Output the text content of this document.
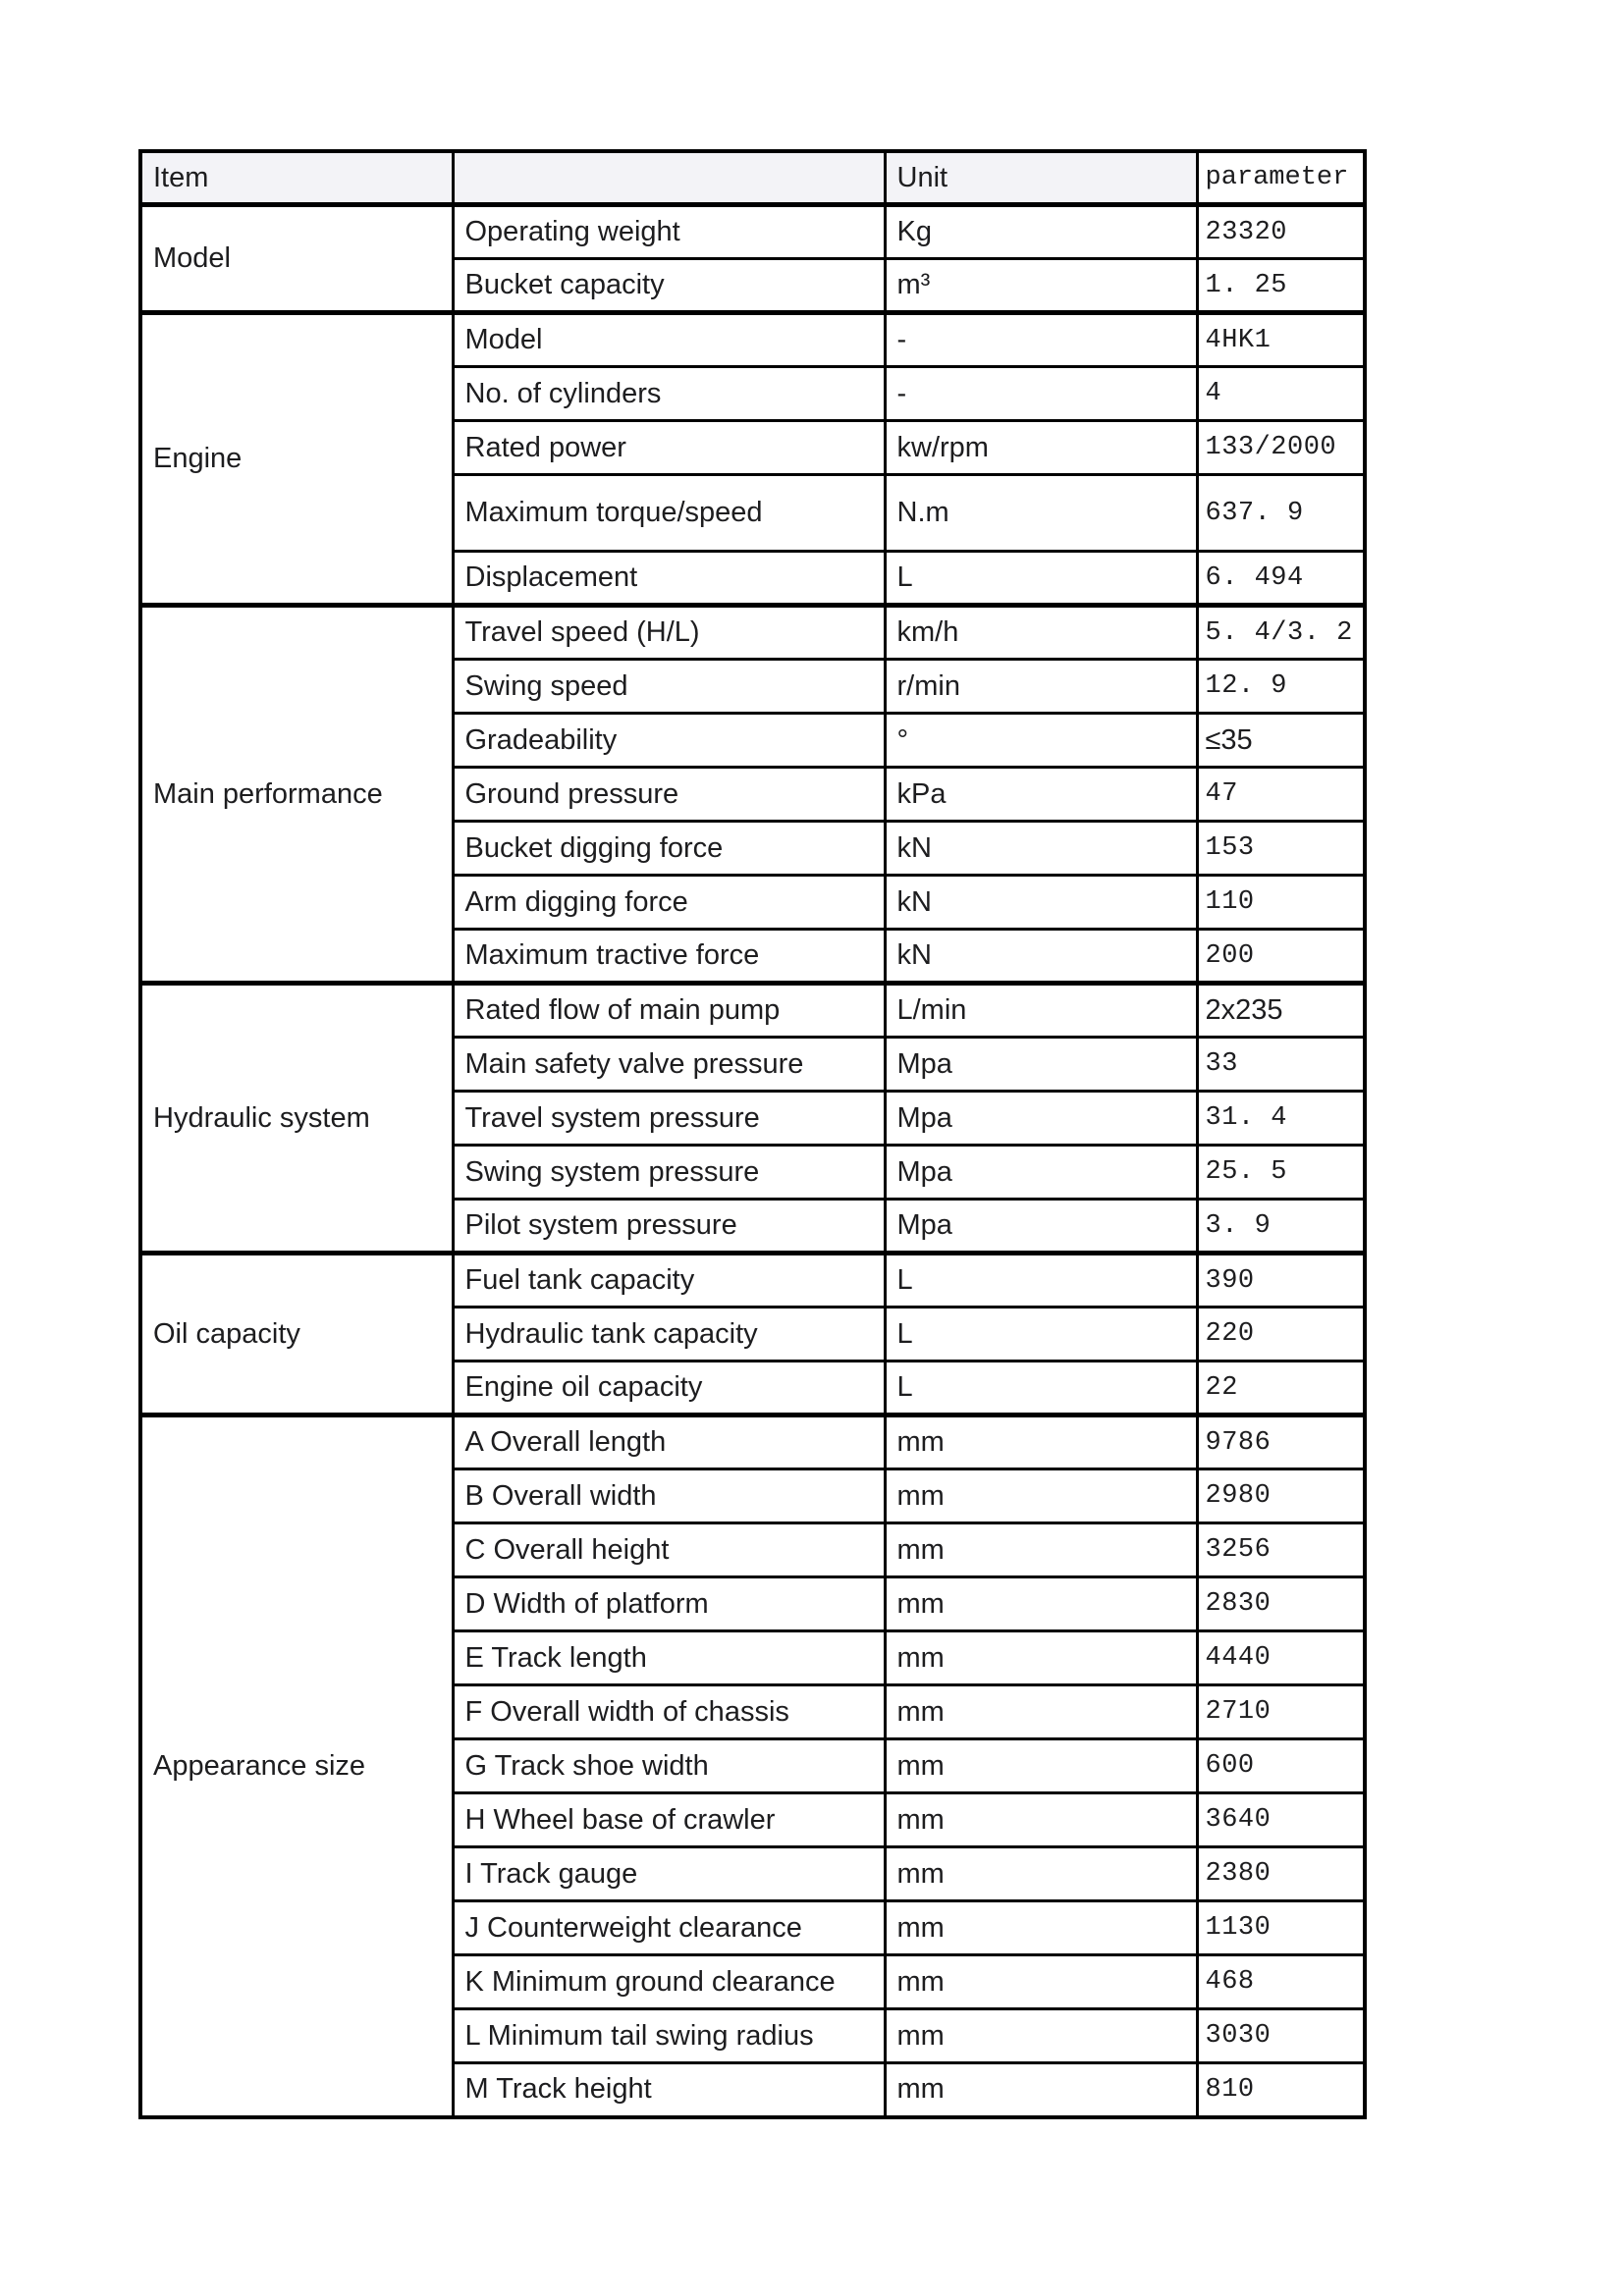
Item		Unit	parameter
Model	Operating weight	Kg	23320
	Bucket capacity	m³	1. 25
Engine	Model	-	4HK1
	No. of cylinders	-	4
	Rated power	kw/rpm	133/2000
	Maximum torque/speed	N.m	637. 9
	Displacement	L	6. 494
Main performance	Travel speed (H/L)	km/h	5. 4/3. 2
	Swing speed	r/min	12. 9
	Gradeability	°	≤35
	Ground pressure	kPa	47
	Bucket digging force	kN	153
	Arm digging force	kN	110
	Maximum tractive force	kN	200
Hydraulic system	Rated flow of main pump	L/min	2x235
	Main safety valve pressure	Mpa	33
	Travel system pressure	Mpa	31. 4
	Swing system pressure	Mpa	25. 5
	Pilot system pressure	Mpa	3. 9
Oil capacity	Fuel tank capacity	L	390
	Hydraulic tank capacity	L	220
	Engine oil capacity	L	22
Appearance size	A Overall length	mm	9786
	B Overall width	mm	2980
	C Overall height	mm	3256
	D Width of platform	mm	2830
	E Track length	mm	4440
	F Overall width of chassis	mm	2710
	G Track shoe width	mm	600
	H Wheel base of crawler	mm	3640
	I Track gauge	mm	2380
	J Counterweight clearance	mm	1130
	K Minimum ground clearance	mm	468
	L Minimum tail swing radius	mm	3030
	M Track height	mm	810
